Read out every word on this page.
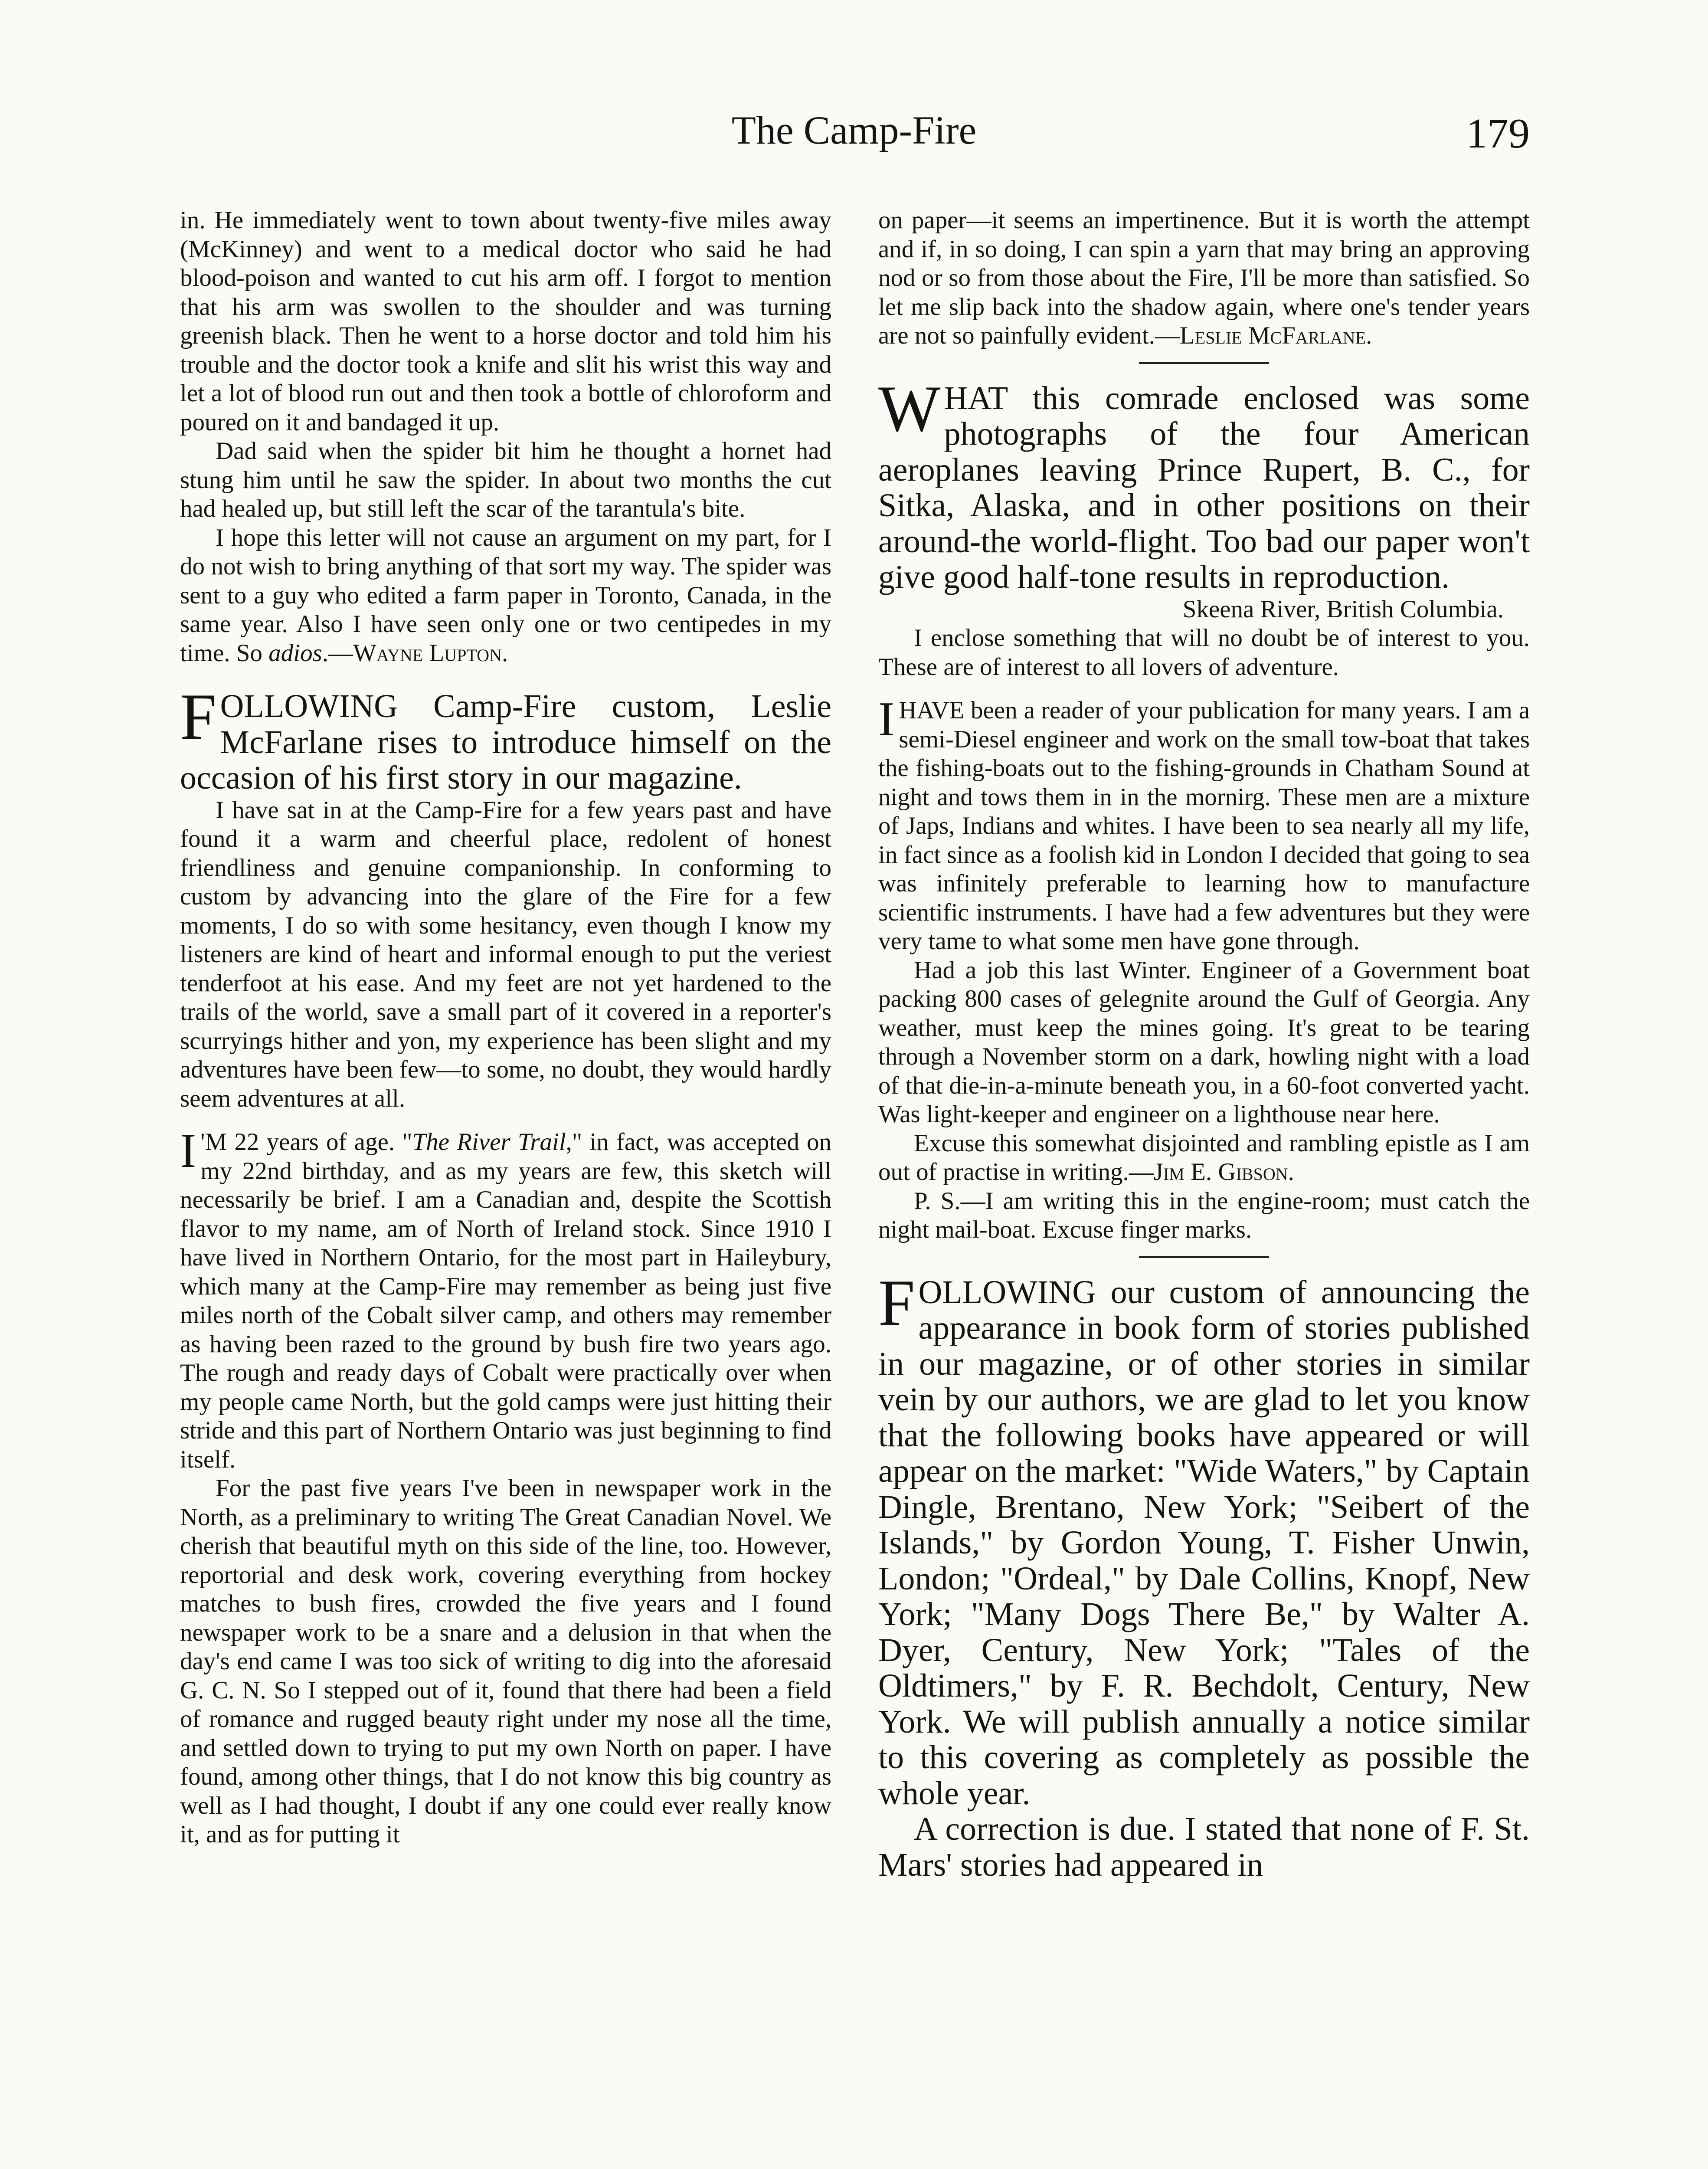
The Camp-Fire	179

in. He immediately went to town about twenty-five miles away (McKinney) and went to a medical doctor who said he had blood-poison and wanted to cut his arm off. I forgot to mention that his arm was swollen to the shoulder and was turning greenish black. Then he went to a horse doctor and told him his trouble and the doctor took a knife and slit his wrist this way and let a lot of blood run out and then took a bottle of chloroform and poured on it and bandaged it up.

Dad said when the spider bit him he thought a hornet had stung him until he saw the spider. In about two months the cut had healed up, but still left the scar of the tarantula's bite.

I hope this letter will not cause an argument on my part, for I do not wish to bring anything of that sort my way. The spider was sent to a guy who edited a farm paper in Toronto, Canada, in the same year. Also I have seen only one or two centipedes in my time. So adios.—Wayne Lupton.

FOLLOWING Camp-Fire custom, Leslie McFarlane rises to introduce himself on the occasion of his first story in our magazine.

I have sat in at the Camp-Fire for a few years past and have found it a warm and cheerful place, redolent of honest friendliness and genuine companionship. In conforming to custom by advancing into the glare of the Fire for a few moments, I do so with some hesitancy, even though I know my listeners are kind of heart and informal enough to put the veriest tenderfoot at his ease. And my feet are not yet hardened to the trails of the world, save a small part of it covered in a reporter's scurryings hither and yon, my experience has been slight and my adventures have been few—to some, no doubt, they would hardly seem adventures at all.

I 'M 22 years of age. "The River Trail," in fact, was accepted on my 22nd birthday, and as my years are few, this sketch will necessarily be brief. I am a Canadian and, despite the Scottish flavor to my name, am of North of Ireland stock. Since 1910 I have lived in Northern Ontario, for the most part in Haileybury, which many at the Camp-Fire may remember as being just five miles north of the Cobalt silver camp, and others may remember as having been razed to the ground by bush fire two years ago. The rough and ready days of Cobalt were practically over when my people came North, but the gold camps were just hitting their stride and this part of Northern Ontario was just beginning to find itself.

For the past five years I've been in newspaper work in the North, as a preliminary to writing The Great Canadian Novel. We cherish that beautiful myth on this side of the line, too. However, reportorial and desk work, covering everything from hockey matches to bush fires, crowded the five years and I found newspaper work to be a snare and a delusion in that when the day's end came I was too sick of writing to dig into the aforesaid G. C. N. So I stepped out of it, found that there had been a field of romance and rugged beauty right under my nose all the time, and settled down to trying to put my own North on paper. I have found, among other things, that I do not know this big country as well as I had thought, I doubt if any one could ever really know it, and as for putting it

on paper—it seems an impertinence. But it is worth the attempt and if, in so doing, I can spin a yarn that may bring an approving nod or so from those about the Fire, I'll be more than satisfied. So let me slip back into the shadow again, where one's tender years are not so painfully evident.—Leslie McFarlane.

WHAT this comrade enclosed was some photographs of the four American aeroplanes leaving Prince Rupert, B. C., for Sitka, Alaska, and in other positions on their around-the world-flight. Too bad our paper won't give good half-tone results in reproduction.

Skeena River, British Columbia.

I enclose something that will no doubt be of interest to you. These are of interest to all lovers of adventure.

IHAVE been a reader of your publication for many years. I am a semi-Diesel engineer and work on the small tow-boat that takes the fishing-boats out to the fishing-grounds in Chatham Sound at night and tows them in in the mornirg. These men are a mixture of Japs, Indians and whites. I have been to sea nearly all my life, in fact since as a foolish kid in London I decided that going to sea was infinitely preferable to learning how to manufacture scientific instruments. I have had a few adventures but they were very tame to what some men have gone through.

Had a job this last Winter. Engineer of a Government boat packing 800 cases of gelegnite around the Gulf of Georgia. Any weather, must keep the mines going. It's great to be tearing through a November storm on a dark, howling night with a load of that die-in-a-minute beneath you, in a 60-foot converted yacht. Was light-keeper and engineer on a lighthouse near here.

Excuse this somewhat disjointed and rambling epistle as I am out of practise in writing.—Jim E. Gibson.

P. S.—I am writing this in the engine-room; must catch the night mail-boat. Excuse finger marks.

FOLLOWING our custom of announcing the appearance in book form of stories published in our magazine, or of other stories in similar vein by our authors, we are glad to let you know that the following books have appeared or will appear on the market: "Wide Waters," by Captain Dingle, Brentano, New York; "Seibert of the Islands," by Gordon Young, T. Fisher Unwin, London; "Ordeal," by Dale Collins, Knopf, New York; "Many Dogs There Be," by Walter A. Dyer, Century, New York; "Tales of the Oldtimers," by F. R. Bechdolt, Century, New York. We will publish annually a notice similar to this covering as completely as possible the whole year.

A correction is due. I stated that none of F. St. Mars' stories had appeared in
